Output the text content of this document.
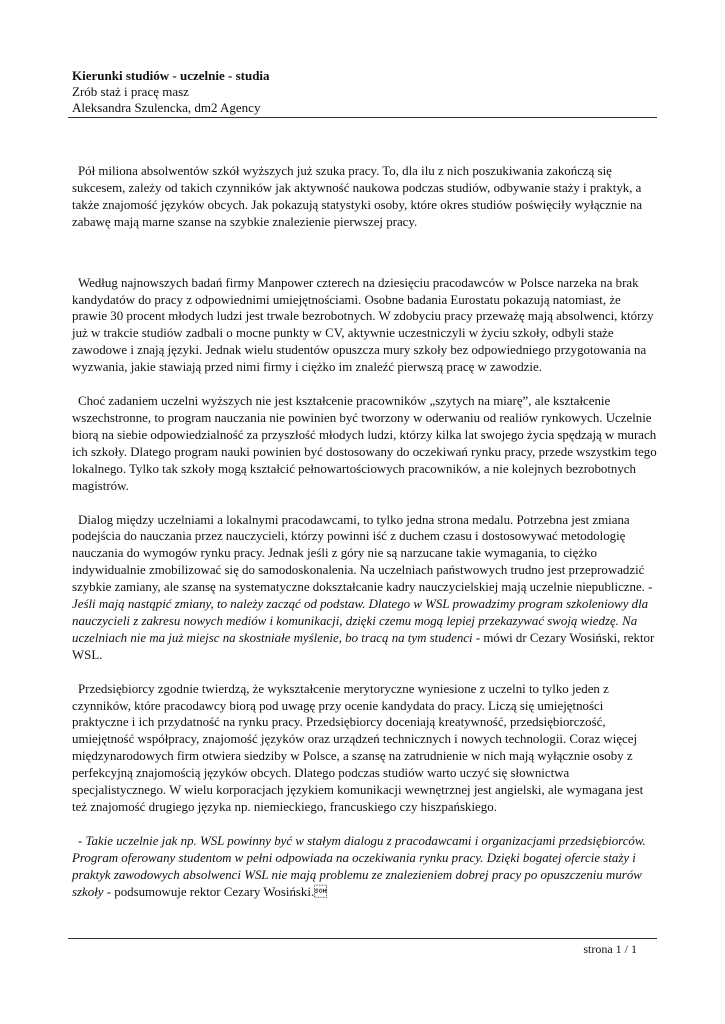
Kierunki studiów - uczelnie - studia

Zrób staż i pracę masz

Aleksandra Szulencka, dm2 Agency

Pół miliona absolwentów szkół wyższych już szuka pracy. To, dla ilu z nich poszukiwania zakończą się sukcesem, zależy od takich czynników jak aktywność naukowa podczas studiów, odbywanie staży i praktyk, a także znajomość języków obcych. Jak pokazują statystyki osoby, które okres studiów poświęciły wyłącznie na zabawę mają marne szanse na szybkie znalezienie pierwszej pracy.

Według najnowszych badań firmy Manpower czterech na dziesięciu pracodawców w Polsce narzeka na brak kandydatów do pracy z odpowiednimi umiejętnościami. Osobne badania Eurostatu pokazują natomiast, że prawie 30 procent młodych ludzi jest trwale bezrobotnych. W zdobyciu pracy przeważę mają absolwenci, którzy już w trakcie studiów zadbali o mocne punkty w CV, aktywnie uczestniczyli w życiu szkoły, odbyli staże zawodowe i znają języki. Jednak wielu studentów opuszcza mury szkoły bez odpowiedniego przygotowania na wyzwania, jakie stawiają przed nimi firmy i ciężko im znaleźć pierwszą pracę w zawodzie.

Choć zadaniem uczelni wyższych nie jest kształcenie pracowników „szytych na miarę”, ale kształcenie wszechstronne, to program nauczania nie powinien być tworzony w oderwaniu od realiów rynkowych. Uczelnie biorą na siebie odpowiedzialność za przyszłość młodych ludzi, którzy kilka lat swojego życia spędzają w murach ich szkoły. Dlatego program nauki powinien być dostosowany do oczekiwań rynku pracy, przede wszystkim tego lokalnego. Tylko tak szkoły mogą kształcić pełnowartościowych pracowników, a nie kolejnych bezrobotnych magistrów.

Dialog między uczelniami a lokalnymi pracodawcami, to tylko jedna strona medalu. Potrzebna jest zmiana podejścia do nauczania przez nauczycieli, którzy powinni iść z duchem czasu i dostosowywać metodologię nauczania do wymogów rynku pracy. Jednak jeśli z góry nie są narzucane takie wymagania, to ciężko indywidualnie zmobilizować się do samodoskonalenia. Na uczelniach państwowych trudno jest przeprowadzić szybkie zamiany, ale szansę na systematyczne dokształcanie kadry nauczycielskiej mają uczelnie niepubliczne. - Jeśli mają nastąpić zmiany, to należy zacząć od podstaw. Dlatego w WSL prowadzimy program szkoleniowy dla nauczycieli z zakresu nowych mediów i komunikacji, dzięki czemu mogą lepiej przekazywać swoją wiedzę. Na uczelniach nie ma już miejsc na skostniałe myślenie, bo tracą na tym studenci - mówi dr Cezary Wosiński, rektor WSL.

Przedsiębiorcy zgodnie twierdzą, że wykształcenie merytoryczne wyniesione z uczelni to tylko jeden z czynników, które pracodawcy biorą pod uwagę przy ocenie kandydata do pracy. Liczą się umiejętności praktyczne i ich przydatność na rynku pracy. Przedsiębiorcy doceniają kreatywność, przedsiębiorczość, umiejętność współpracy, znajomość języków oraz urządzeń technicznych i nowych technologii. Coraz więcej międzynarodowych firm otwiera siedziby w Polsce, a szansę na zatrudnienie w nich mają wyłącznie osoby z perfekcyjną znajomością języków obcych. Dlatego podczas studiów warto uczyć się słownictwa specjalistycznego. W wielu korporacjach językiem komunikacji wewnętrznej jest angielski, ale wymagana jest też znajomość drugiego języka np. niemieckiego, francuskiego czy hiszpańskiego.

- Takie uczelnie jak np. WSL powinny być w stałym dialogu z pracodawcami i organizacjami przedsiębiorców. Program oferowany studentom w pełni odpowiada na oczekiwania rynku pracy. Dzięki bogatej ofercie staży i praktyk zawodowych absolwenci WSL nie mają problemu ze znalezieniem dobrej pracy po opuszczeniu murów szkoły - podsumowuje rektor Cezary Wosiński.

strona 1 / 1
